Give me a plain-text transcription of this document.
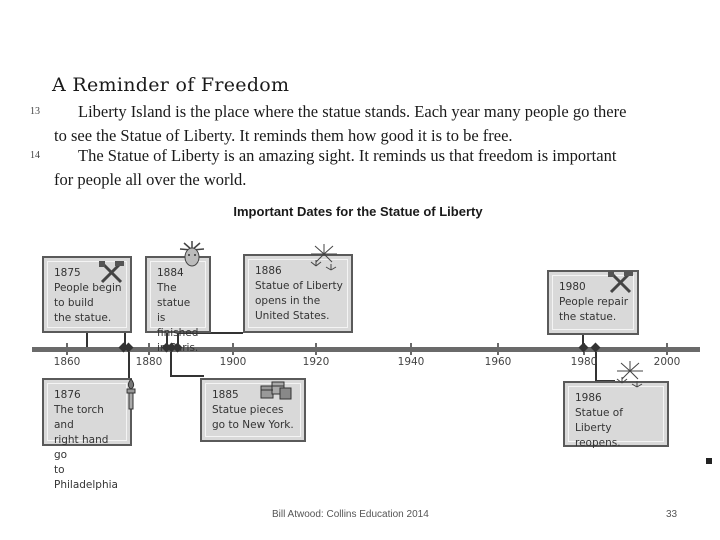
A Reminder of Freedom
13	Liberty Island is the place where the statue stands. Each year many people go there
to see the Statue of Liberty. It reminds them how good it is to be free.
14	The Statue of Liberty is an amazing sight. It reminds us that freedom is important
for people all over the world.
Important Dates for the Statue of Liberty
1860	1880	1900	1920	1940	1960	1980	2000
1875
People begin
to build
the statue.
1884
The statue
is finished
in Paris.
1886
Statue of Liberty
opens in the
United States.
1980
People repair
the statue.
1876
The torch and
right hand go
to Philadelphia
1885
Statue pieces
go to New York.
1986
Statue of Liberty
reopens.
Bill Atwood: Collins Education 2014	33
